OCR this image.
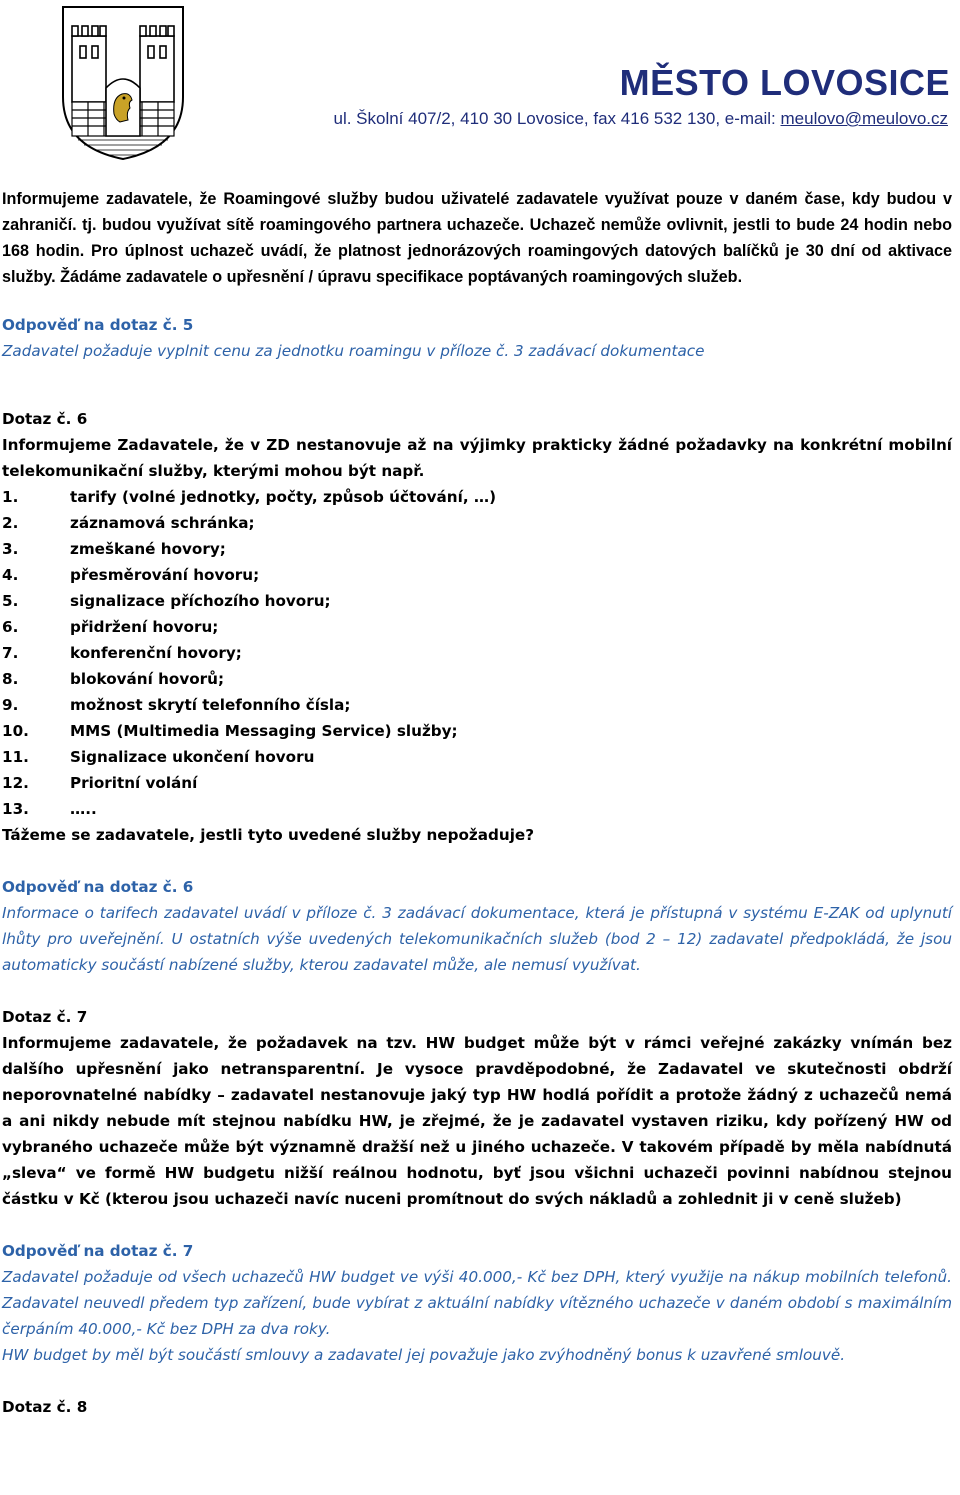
MĚSTO LOVOSICE

ul. Školní 407/2, 410 30 Lovosice, fax 416 532 130, e-mail: meulovo@meulovo.cz

Informujeme zadavatele, že Roamingové služby budou uživatelé zadavatele využívat pouze v daném čase, kdy budou v zahraničí. tj. budou využívat sítě roamingového partnera uchazeče. Uchazeč nemůže ovlivnit, jestli to bude 24 hodin nebo 168 hodin. Pro úplnost uchazeč uvádí, že platnost jednorázových roamingových datových balíčků je 30 dní od aktivace služby. Žádáme zadavatele o upřesnění / úpravu specifikace poptávaných roamingových služeb.

Odpověď na dotaz č. 5

Zadavatel požaduje vyplnit cenu za jednotku roamingu v příloze č. 3 zadávací dokumentace

Dotaz č. 6

Informujeme Zadavatele, že v ZD nestanovuje až na výjimky prakticky žádné požadavky na konkrétní mobilní telekomunikační služby, kterými mohou být např.

1.	tarify (volné jednotky, počty, způsob účtování, …)
2.	záznamová schránka;
3.	zmeškané hovory;
4.	přesměrování hovoru;
5.	signalizace příchozího hovoru;
6.	přidržení hovoru;
7.	konferenční hovory;
8.	blokování hovorů;
9.	možnost skrytí telefonního čísla;
10.	MMS (Multimedia Messaging Service) služby;
11.	Signalizace ukončení hovoru
12.	Prioritní volání
13.	…..

Tážeme se zadavatele, jestli tyto uvedené služby nepožaduje?

Odpověď na dotaz č. 6

Informace o tarifech zadavatel uvádí v příloze č. 3 zadávací dokumentace, která je přístupná v systému E-ZAK od uplynutí lhůty pro uveřejnění. U ostatních výše uvedených telekomunikačních služeb (bod 2 – 12) zadavatel předpokládá, že jsou automaticky součástí nabízené služby, kterou zadavatel může, ale nemusí využívat.

Dotaz č. 7

Informujeme zadavatele, že požadavek na tzv. HW budget může být v rámci veřejné zakázky vnímán bez dalšího upřesnění jako netransparentní. Je vysoce pravděpodobné, že Zadavatel ve skutečnosti obdrží neporovnatelné nabídky – zadavatel nestanovuje jaký typ HW hodlá pořídit a protože žádný z uchazečů nemá a ani nikdy nebude mít stejnou nabídku HW, je zřejmé, že je zadavatel vystaven riziku, kdy pořízený HW od vybraného uchazeče může být významně dražší než u jiného uchazeče. V takovém případě by měla nabídnutá „sleva“ ve formě HW budgetu nižší reálnou hodnotu, byť jsou všichni uchazeči povinni nabídnou stejnou částku v Kč (kterou jsou uchazeči navíc nuceni promítnout do svých nákladů a zohlednit ji v ceně služeb)

Odpověď na dotaz č. 7

Zadavatel požaduje od všech uchazečů HW budget ve výši 40.000,- Kč bez DPH, který využije na nákup mobilních telefonů. Zadavatel neuvedl předem typ zařízení, bude vybírat z aktuální nabídky vítězného uchazeče v daném období s maximálním čerpáním 40.000,- Kč bez DPH za dva roky.

HW budget by měl být součástí smlouvy a zadavatel jej považuje jako zvýhodněný bonus k uzavřené smlouvě.

Dotaz č. 8
